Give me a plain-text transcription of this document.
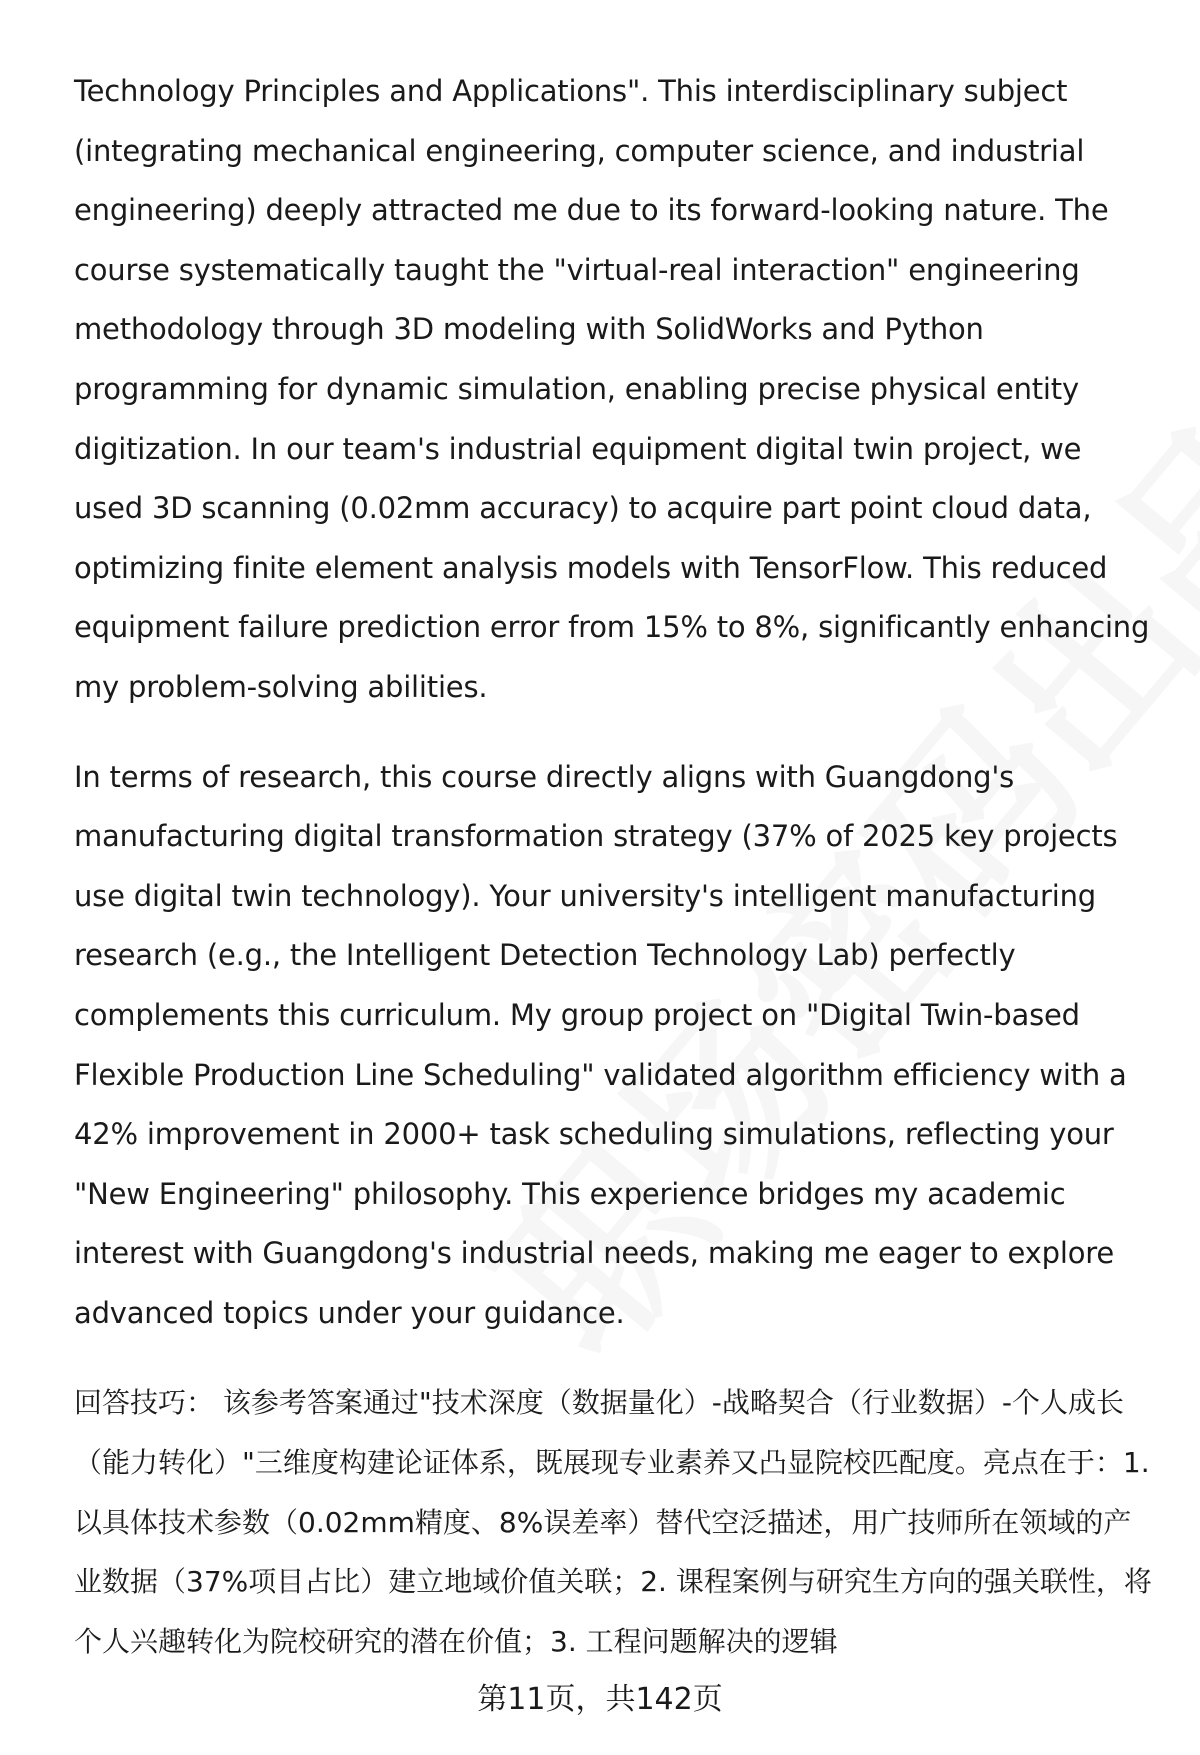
Technology Principles and Applications". This interdisciplinary subject (integrating mechanical engineering, computer science, and industrial engineering) deeply attracted me due to its forward-looking nature. The course systematically taught the "virtual-real interaction" engineering methodology through 3D modeling with SolidWorks and Python programming for dynamic simulation, enabling precise physical entity digitization. In our team's industrial equipment digital twin project, we used 3D scanning (0.02mm accuracy) to acquire part point cloud data, optimizing finite element analysis models with TensorFlow. This reduced equipment failure prediction error from 15% to 8%, significantly enhancing my problem-solving abilities.

In terms of research, this course directly aligns with Guangdong's manufacturing digital transformation strategy (37% of 2025 key projects use digital twin technology). Your university's intelligent manufacturing research (e.g., the Intelligent Detection Technology Lab) perfectly complements this curriculum. My group project on "Digital Twin-based Flexible Production Line Scheduling" validated algorithm efficiency with a 42% improvement in 2000+ task scheduling simulations, reflecting your "New Engineering" philosophy. This experience bridges my academic interest with Guangdong's industrial needs, making me eager to explore advanced topics under your guidance.

回答技巧： 该参考答案通过"技术深度（数据量化）-战略契合（行业数据）-个人成长（能力转化）"三维度构建论证体系，既展现专业素养又凸显院校匹配度。亮点在于：1. 以具体技术参数（0.02mm精度、8%误差率）替代空泛描述，用广技师所在领域的产业数据（37%项目占比）建立地域价值关联；2. 课程案例与研究生方向的强关联性，将个人兴趣转化为院校研究的潜在价值；3. 工程问题解决的逻辑

第11页，共142页
